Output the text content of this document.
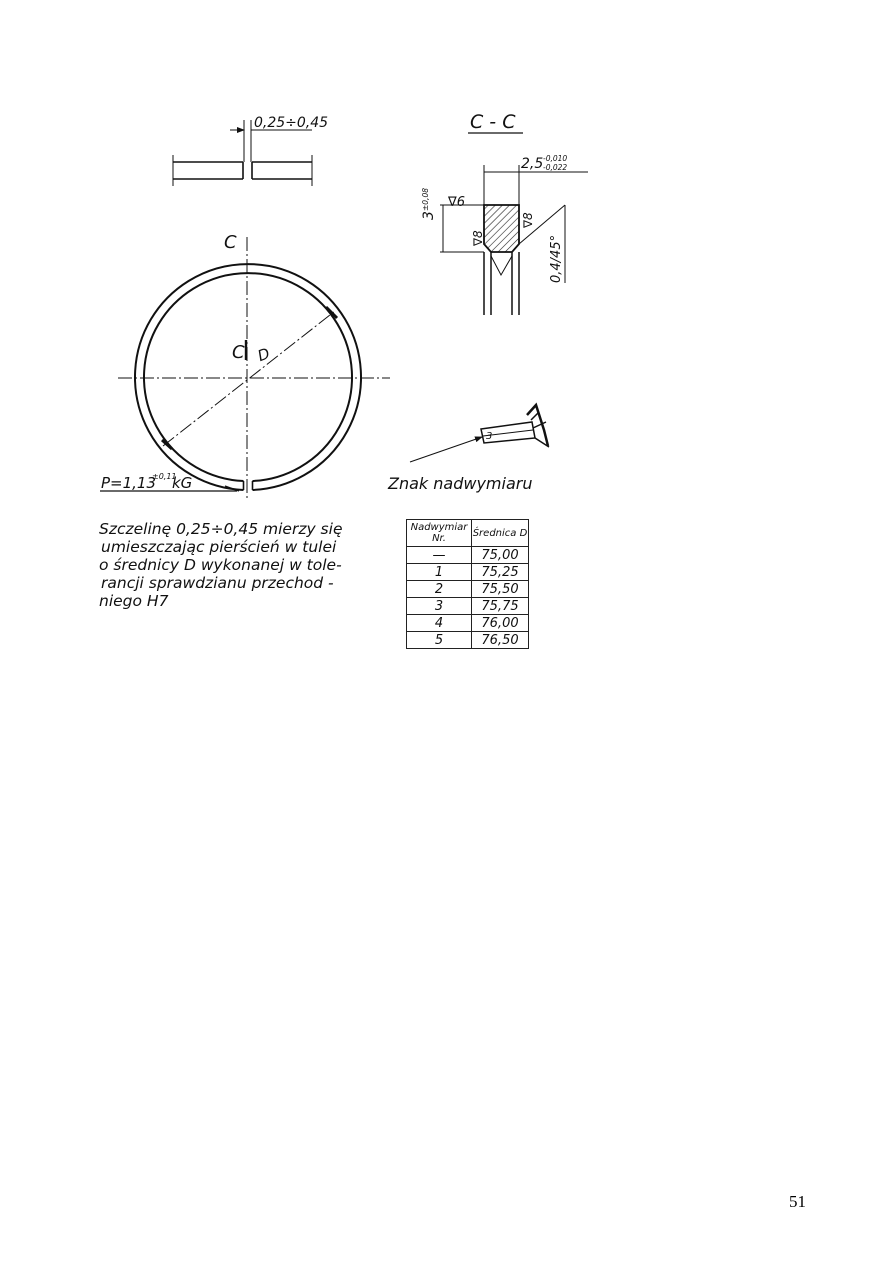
0,25÷0,45	C - C
2,5 -0,010
-0,022
3
±0,08 ∇6
∇8
∇8
0,4/45°
C
C D
P=1,13
±0,11
kG
3
Znak nadwymiaru
Szczelinę 0,25÷0,45 mierzy się
umieszczając pierścień w tulei
o średnicy D wykonanej w tole-
rancji sprawdzianu przechod -
niego H7
Nadwymiar Nr.	Średnica D
—	75,00
1	75,25
2	75,50
3	75,75
4	76,00
5	76,50
51
